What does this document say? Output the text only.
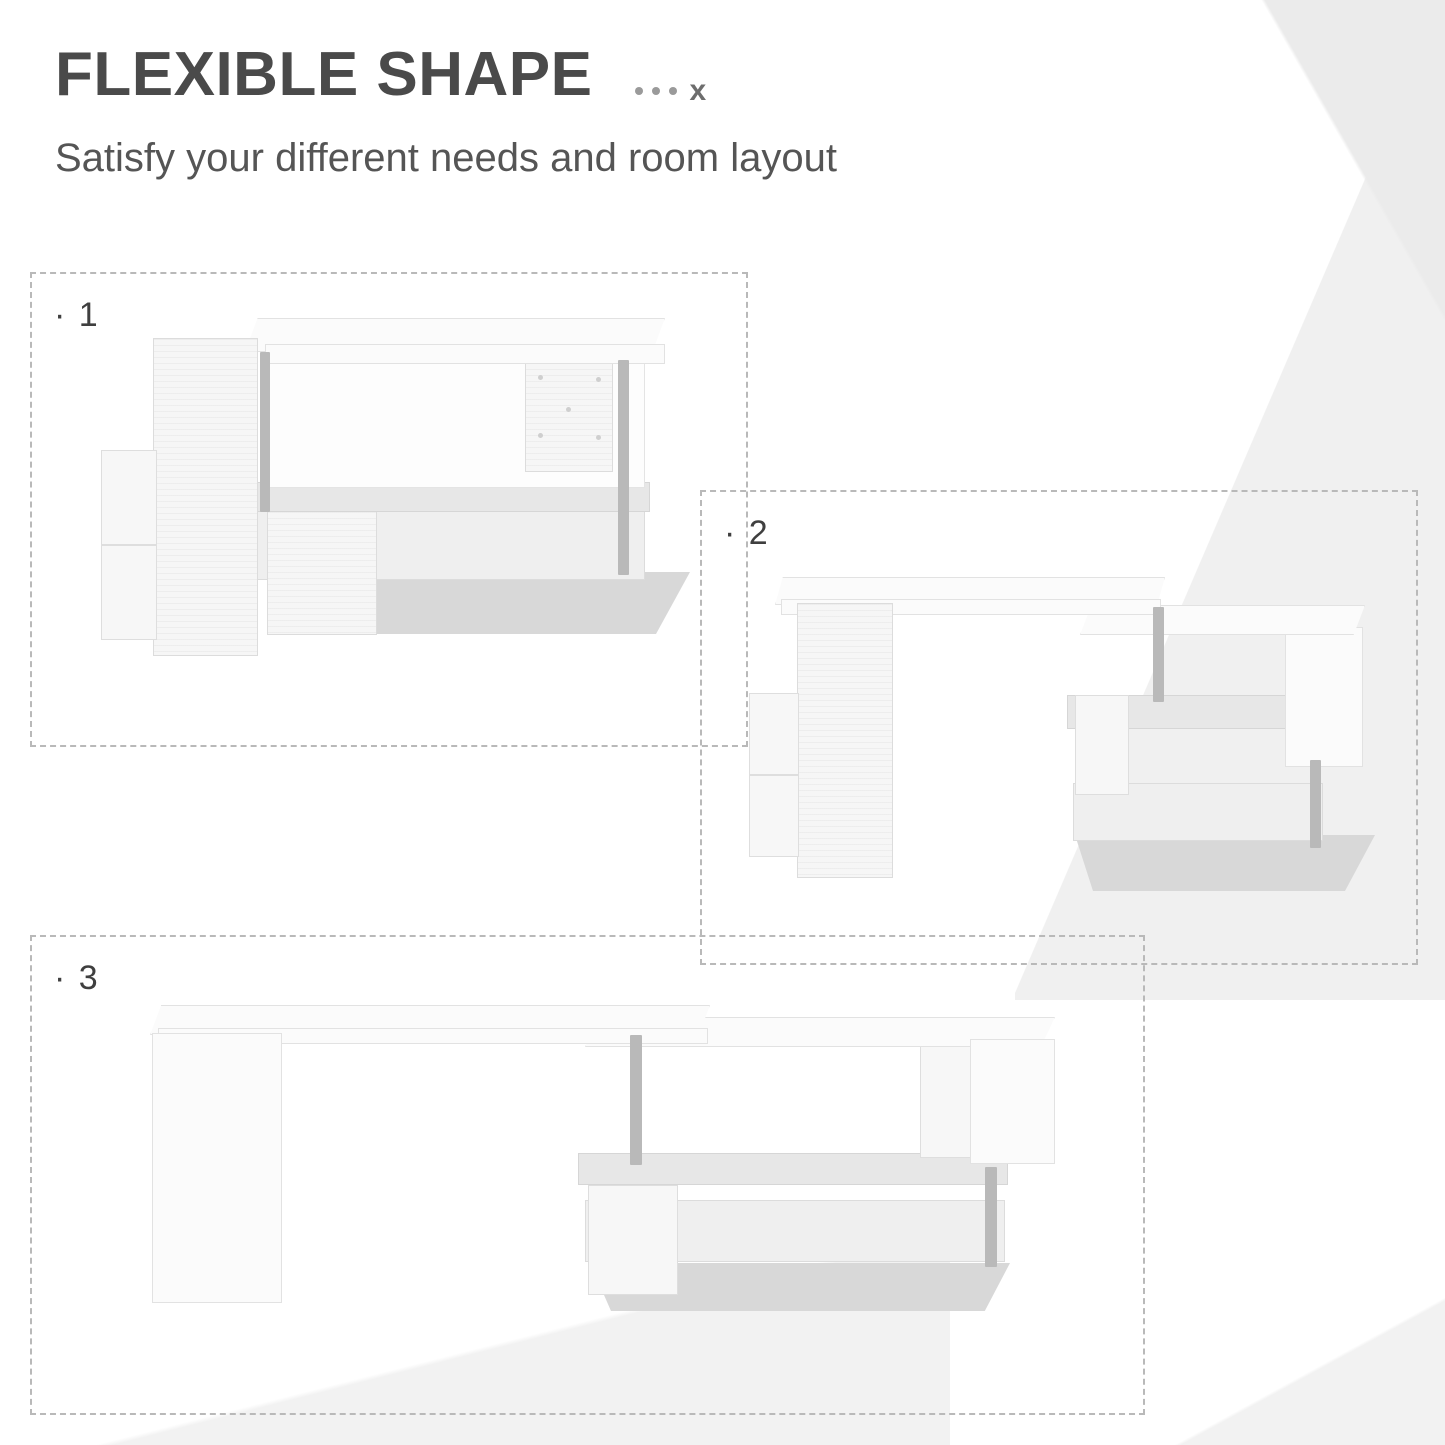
FLEXIBLE SHAPE	x
Satisfy your different needs and room layout
· 1
· 2
· 3
